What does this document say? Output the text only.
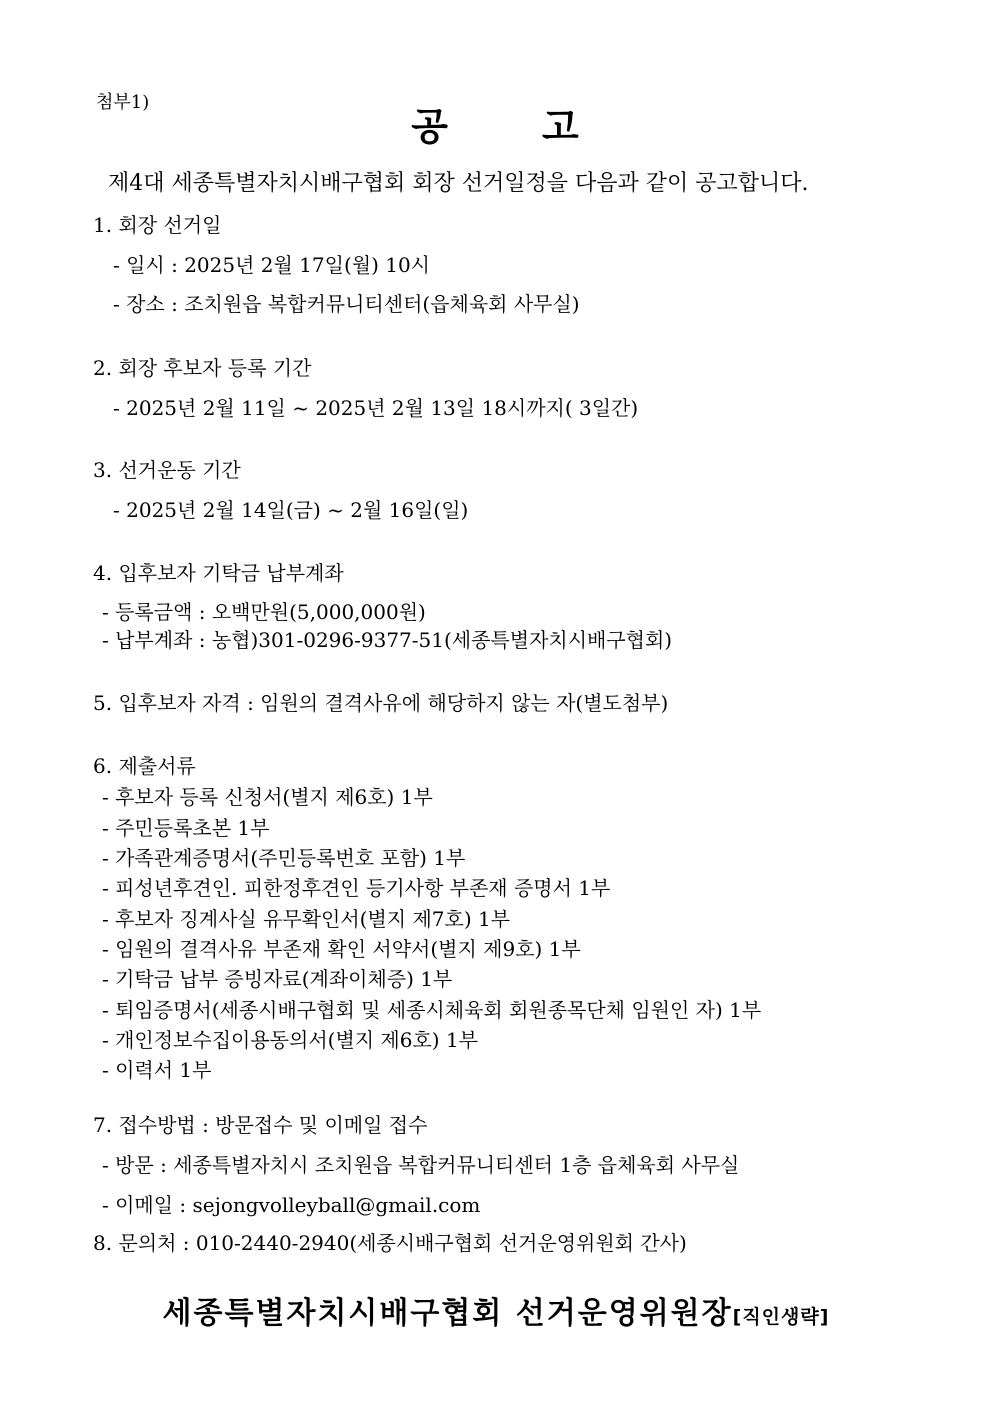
첨부1)
공 고
제4대 세종특별자치시배구협회 회장 선거일정을 다음과 같이 공고합니다.
1. 회장 선거일
- 일시 : 2025년 2월 17일(월) 10시
- 장소 : 조치원읍 복합커뮤니티센터(읍체육회 사무실)
2. 회장 후보자 등록 기간
- 2025년 2월 11일 ~ 2025년 2월 13일 18시까지( 3일간)
3. 선거운동 기간
- 2025년 2월 14일(금) ~ 2월 16일(일)
4. 입후보자 기탁금 납부계좌
- 등록금액 : 오백만원(5,000,000원)
- 납부계좌 : 농협)301-0296-9377-51(세종특별자치시배구협회)
5. 입후보자 자격 : 임원의 결격사유에 해당하지 않는 자(별도첨부)
6. 제출서류
- 후보자 등록 신청서(별지 제6호) 1부
- 주민등록초본 1부
- 가족관계증명서(주민등록번호 포함) 1부
- 피성년후견인. 피한정후견인 등기사항 부존재 증명서 1부
- 후보자 징계사실 유무확인서(별지 제7호) 1부
- 임원의 결격사유 부존재 확인 서약서(별지 제9호) 1부
- 기탁금 납부 증빙자료(계좌이체증) 1부
- 퇴임증명서(세종시배구협회 및 세종시체육회 회원종목단체 임원인 자) 1부
- 개인정보수집이용동의서(별지 제6호) 1부
- 이력서 1부
7. 접수방법 : 방문접수 및 이메일 접수
- 방문 : 세종특별자치시 조치원읍 복합커뮤니티센터 1층 읍체육회 사무실
- 이메일 : sejongvolleyball@gmail.com
8. 문의처 : 010-2440-2940(세종시배구협회 선거운영위원회 간사)
세종특별자치시배구협회 선거운영위원장[직인생략]
